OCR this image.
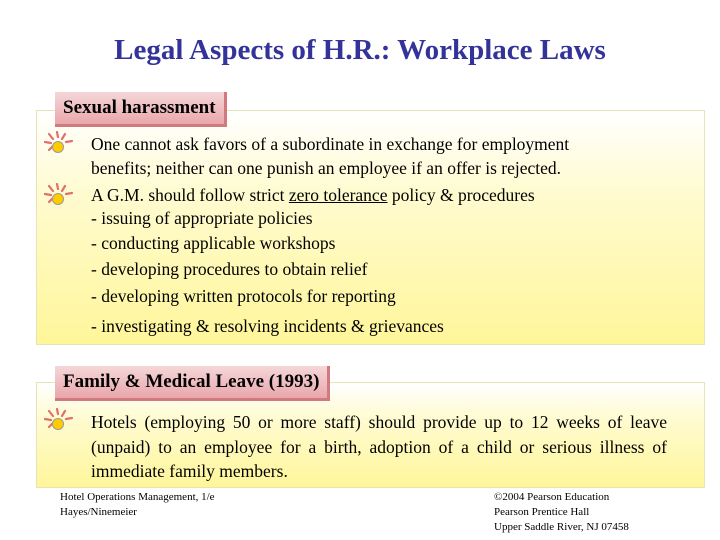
Legal Aspects of H.R.: Workplace Laws
Sexual harassment
One cannot ask favors of a subordinate in exchange for employment
benefits; neither can one punish an employee if an offer is rejected.
A G.M. should follow strict zero tolerance policy & procedures
- issuing of appropriate policies
- conducting applicable workshops
- developing procedures to obtain relief
- developing written protocols for reporting
- investigating & resolving incidents & grievances
Family & Medical Leave (1993)
Hotels (employing 50 or more staff) should provide up to 12 weeks of leave (unpaid) to an employee for a birth, adoption of a child or serious illness of immediate family members.
Hotel Operations Management, 1/e
Hayes/Ninemeier
©2004 Pearson Education
Pearson Prentice Hall
Upper Saddle River, NJ 07458
